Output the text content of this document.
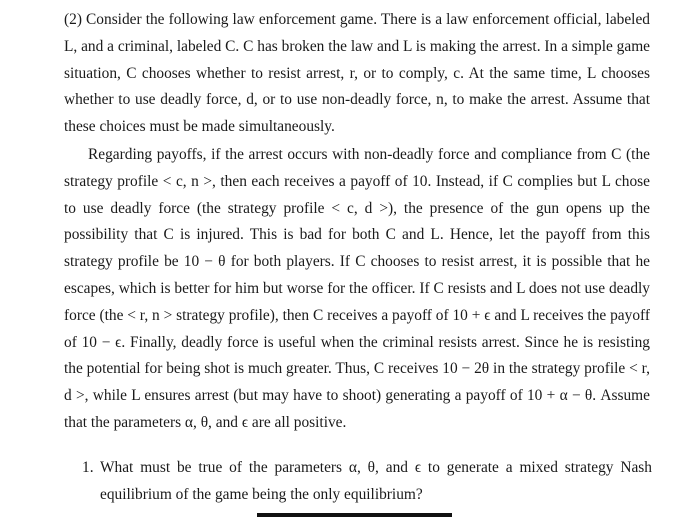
(2) Consider the following law enforcement game. There is a law enforcement official, labeled L, and a criminal, labeled C. C has broken the law and L is making the arrest. In a simple game situation, C chooses whether to resist arrest, r, or to comply, c. At the same time, L chooses whether to use deadly force, d, or to use non-deadly force, n, to make the arrest. Assume that these choices must be made simultaneously.

Regarding payoffs, if the arrest occurs with non-deadly force and compliance from C (the strategy profile < c, n >, then each receives a payoff of 10. Instead, if C complies but L chose to use deadly force (the strategy profile < c, d >), the presence of the gun opens up the possibility that C is injured. This is bad for both C and L. Hence, let the payoff from this strategy profile be 10 − θ for both players. If C chooses to resist arrest, it is possible that he escapes, which is better for him but worse for the officer. If C resists and L does not use deadly force (the < r, n > strategy profile), then C receives a payoff of 10 + ϵ and L receives the payoff of 10 − ϵ. Finally, deadly force is useful when the criminal resists arrest. Since he is resisting the potential for being shot is much greater. Thus, C receives 10 − 2θ in the strategy profile < r, d >, while L ensures arrest (but may have to shoot) generating a payoff of 10 + α − θ. Assume that the parameters α, θ, and ϵ are all positive.

1. What must be true of the parameters α, θ, and ϵ to generate a mixed strategy Nash equilibrium of the game being the only equilibrium?
